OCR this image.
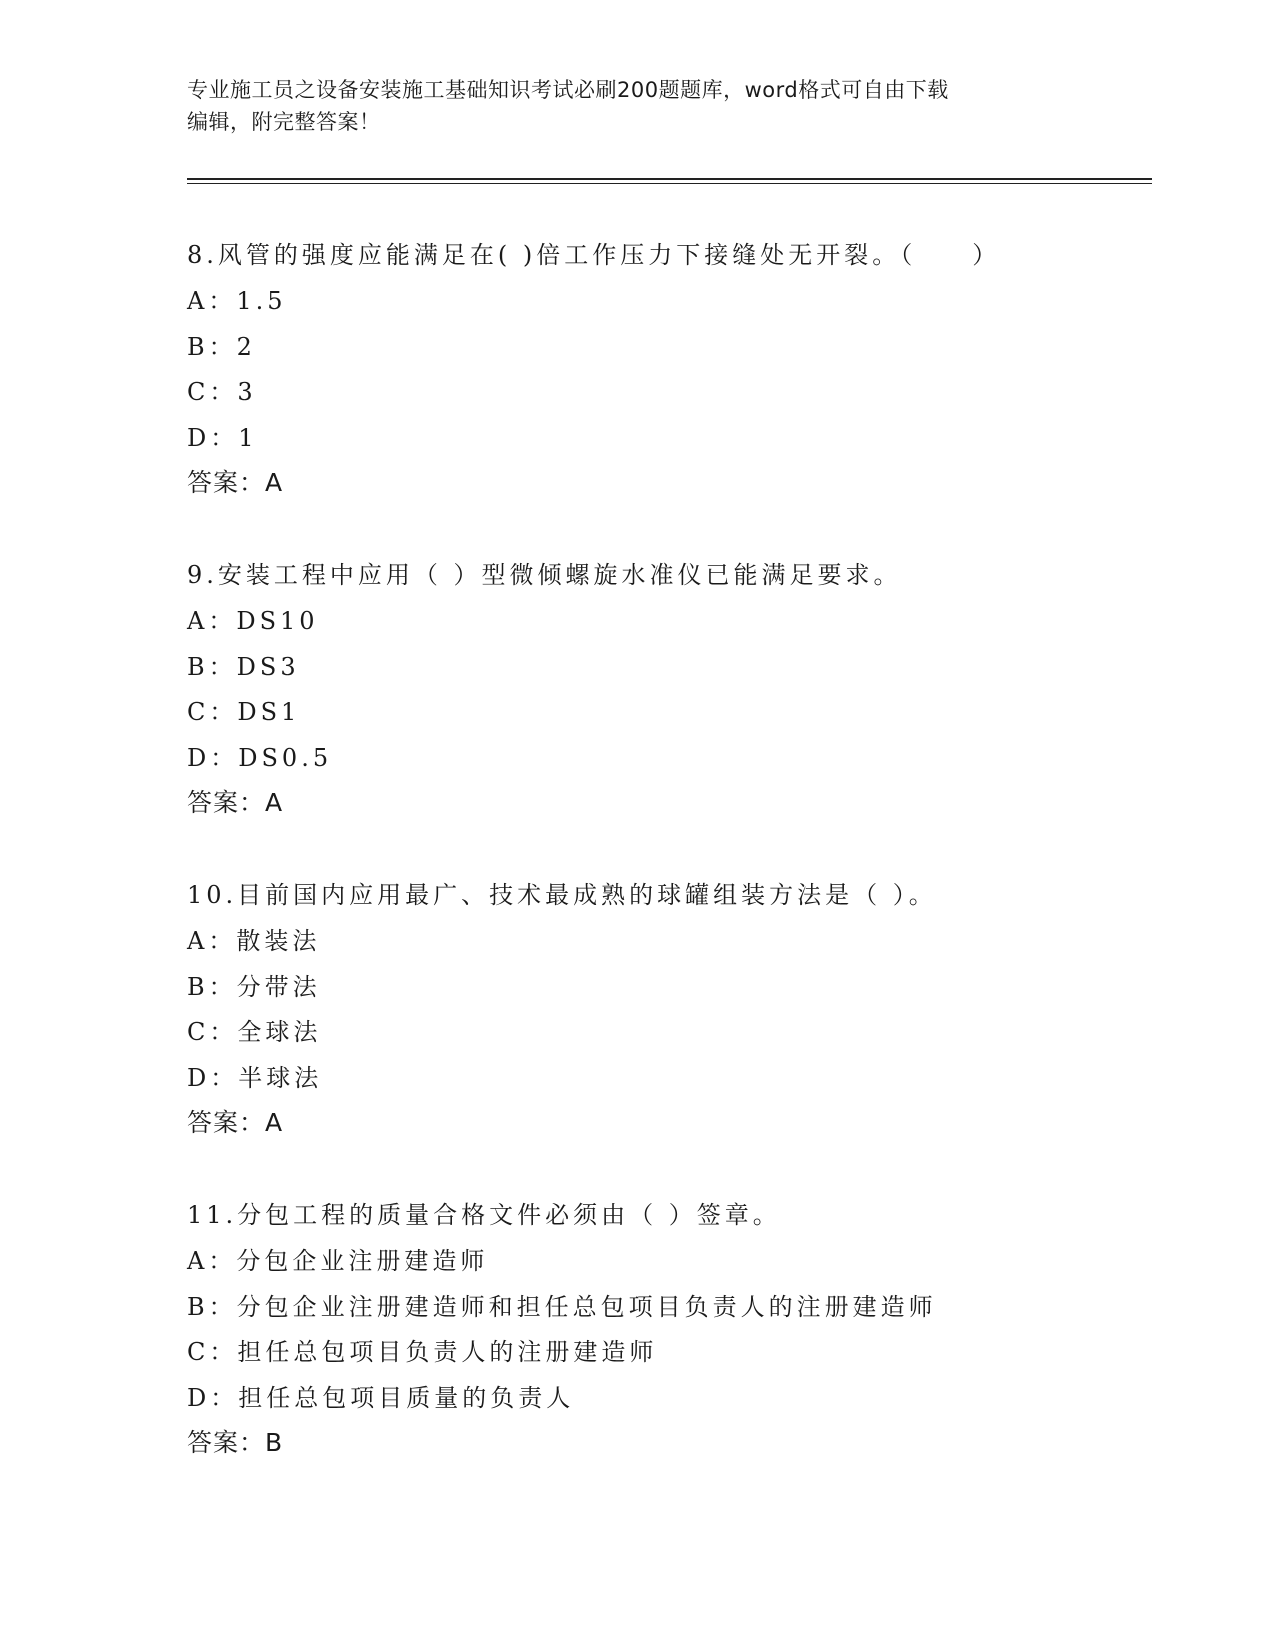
专业施工员之设备安装施工基础知识考试必刷200题题库，word格式可自由下载
编辑，附完整答案！
8.风管的强度应能满足在( )倍工作压力下接缝处无开裂。（　　）
A：1.5
B：2
C：3
D：1
答案：A
9.安装工程中应用（ ）型微倾螺旋水准仪已能满足要求。
A：DS10
B：DS3
C：DS1
D：DS0.5
答案：A
10.目前国内应用最广、技术最成熟的球罐组装方法是（ ）。
A：散装法
B：分带法
C：全球法
D：半球法
答案：A
11.分包工程的质量合格文件必须由（ ）签章。
A：分包企业注册建造师
B：分包企业注册建造师和担任总包项目负责人的注册建造师
C：担任总包项目负责人的注册建造师
D：担任总包项目质量的负责人
答案：B
